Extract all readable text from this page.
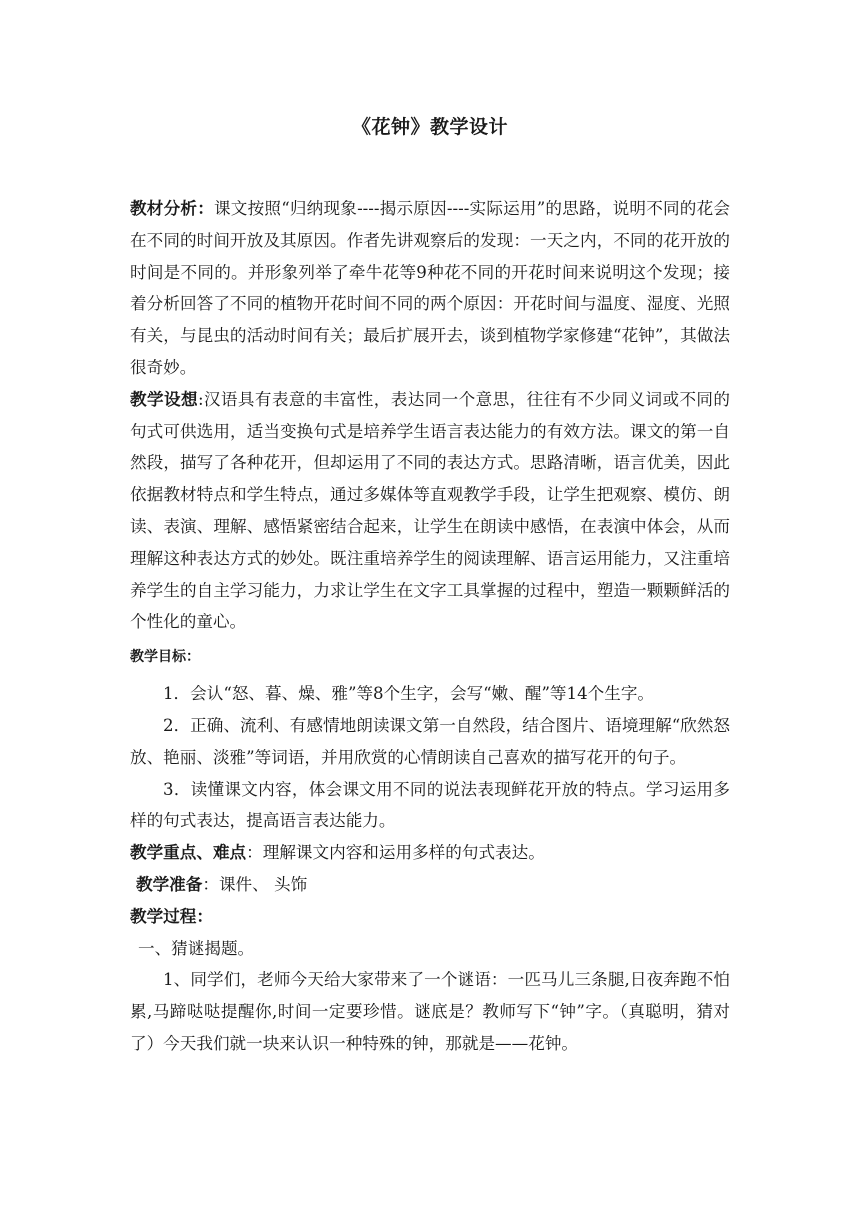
《花钟》教学设计

教材分析：课文按照“归纳现象----揭示原因----实际运用”的思路，说明不同的花会在不同的时间开放及其原因。作者先讲观察后的发现：一天之内，不同的花开放的时间是不同的。并形象列举了牵牛花等9种花不同的开花时间来说明这个发现；接着分析回答了不同的植物开花时间不同的两个原因：开花时间与温度、湿度、光照有关，与昆虫的活动时间有关；最后扩展开去，谈到植物学家修建“花钟”，其做法很奇妙。

教学设想:汉语具有表意的丰富性，表达同一个意思，往往有不少同义词或不同的句式可供选用，适当变换句式是培养学生语言表达能力的有效方法。课文的第一自然段，描写了各种花开，但却运用了不同的表达方式。思路清晰，语言优美，因此依据教材特点和学生特点，通过多媒体等直观教学手段，让学生把观察、模仿、朗读、表演、理解、感悟紧密结合起来，让学生在朗读中感悟，在表演中体会，从而理解这种表达方式的妙处。既注重培养学生的阅读理解、语言运用能力，又注重培养学生的自主学习能力，力求让学生在文字工具掌握的过程中，塑造一颗颗鲜活的个性化的童心。

教学目标：

1．会认“怒、暮、燥、雅”等8个生字，会写“嫩、醒”等14个生字。

2．正确、流利、有感情地朗读课文第一自然段，结合图片、语境理解“欣然怒放、艳丽、淡雅”等词语，并用欣赏的心情朗读自己喜欢的描写花开的句子。

3．读懂课文内容，体会课文用不同的说法表现鲜花开放的特点。学习运用多样的句式表达，提高语言表达能力。

教学重点、难点：理解课文内容和运用多样的句式表达。

教学准备：课件、 头饰

教学过程：

一、猜谜揭题。

1、同学们，老师今天给大家带来了一个谜语：一匹马儿三条腿,日夜奔跑不怕累,马蹄哒哒提醒你,时间一定要珍惜。谜底是？教师写下“钟”字。（真聪明，猜对了）今天我们就一块来认识一种特殊的钟，那就是——花钟。
